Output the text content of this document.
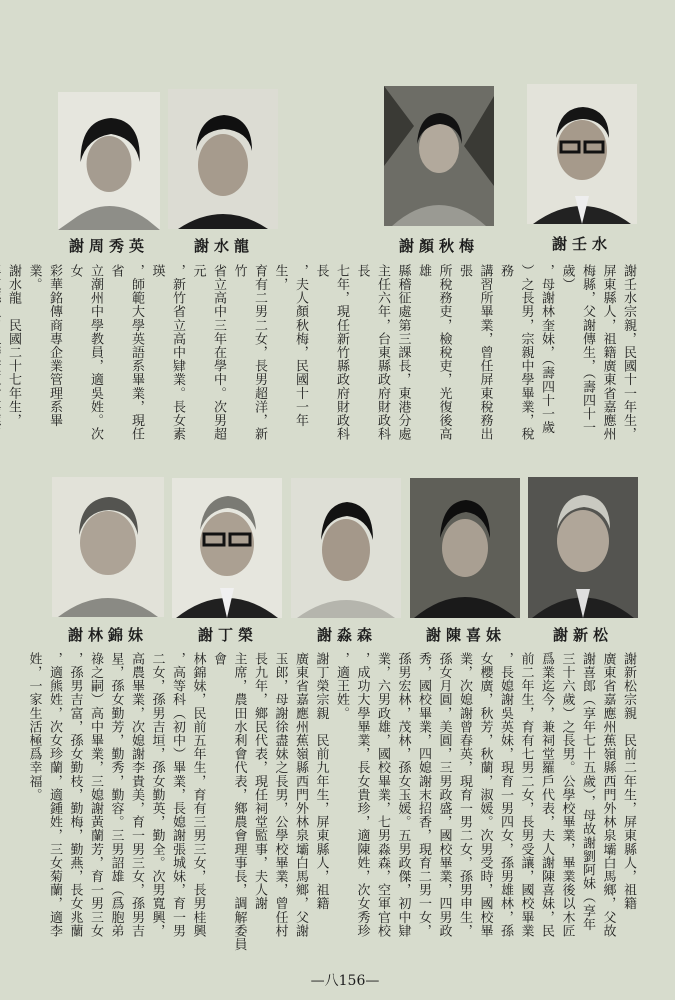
謝周秀英	謝水龍	謝顏秋梅	謝壬水
謝壬水宗親，民國十一年生，屏東縣人，祖籍廣東省嘉應州
梅縣，父謝傳生，（壽四十一歲）
，母謝林奎妹，（壽四十一歲
）之長男，宗親中學畢業，稅務
講習所畢業，曾任屏東稅務出張
所稅務吏，檢稅吏，光復後高雄
縣稽征處第三課長，東港分處
主任六年，台東縣政府財政科長
七年，現任新竹縣政府財政科長
，夫人顏秋梅，民國十一年生，
育有二男二女，長男超洋，新竹
省立高中三年在學中。次男超元
，新竹省立高中肄業。長女素瑛
，師範大學英語系畢業，現任省
立潮州中學教員，適吳姓。次女
彩華銘傳商專企業管理系畢業。
謝水龍　民國二十七年生，

謝林錦妹	謝丁榮	謝淼森	謝陳喜妹	謝新松
謝新松宗親　民前二年生，屏東縣人，祖籍
廣東省嘉應州蕉嶺縣西門外林泉壩白馬鄉，父故
謝喜郎（享年七十五歲），母故謝劉阿妹（享年
三十六歲）之長男。公學校畢業，畢業後以木匠
爲業迄今，兼祠堂羅戶代表，夫人謝陳喜妹，民
前二年生，育有七男二女，長男受讓，國校畢業
，長媳謝吳英妹，現育一男四女，孫男雄林，孫
女櫻廣，秋芳，秋蘭，淑媛。次男受時，國校畢
業，次媳謝曾春英，現育一男二女，孫男申生，
孫女月圓，美圓，三男政盛，國校畢業，四男政
秀，國校畢業，四媳謝末招香，現育二男一女，
孫男宏林，茂林，孫女玉媛。五男政傑，初中肄
業，六男政雄，國校畢業，七男淼森，空軍官校
，成功大學畢業，長女貴珍，適陳姓，次女秀珍
，適王姓。
謝丁榮宗親　民前九年生，屏東縣人，祖籍
廣東省嘉應州蕉嶺縣西門外林泉壩白馬鄉，父謝
玉郎，母謝徐盡妹之長男，公學校畢業，曾任村
長九年，鄉民代表，現任祠堂監事，夫人謝
主席，農田水利會代表，鄉農會理事長，調解委員會
林錦妹，民前五年生，育有三男三女，長男桂興
，高等科（初中）畢業，長媳謝張城妹，育一男
二女，孫男吉垣，孫女勤英，勤全。次男寬興，
高農畢業，次媳謝李貴美，育一男三女，孫男吉
星，孫女勤芳，勤秀，勤容。三男詔雄（爲胞弟
祿之嗣）高中畢業，三媳謝黃蘭芳，育一男三女
，孫男吉富，孫女勤枝，勤梅，勤燕，長女兆蘭
，適熊姓，次女珍蘭，適鍾姓，三女菊蘭，適李
姓，一家生活極爲幸福。
—八156—
